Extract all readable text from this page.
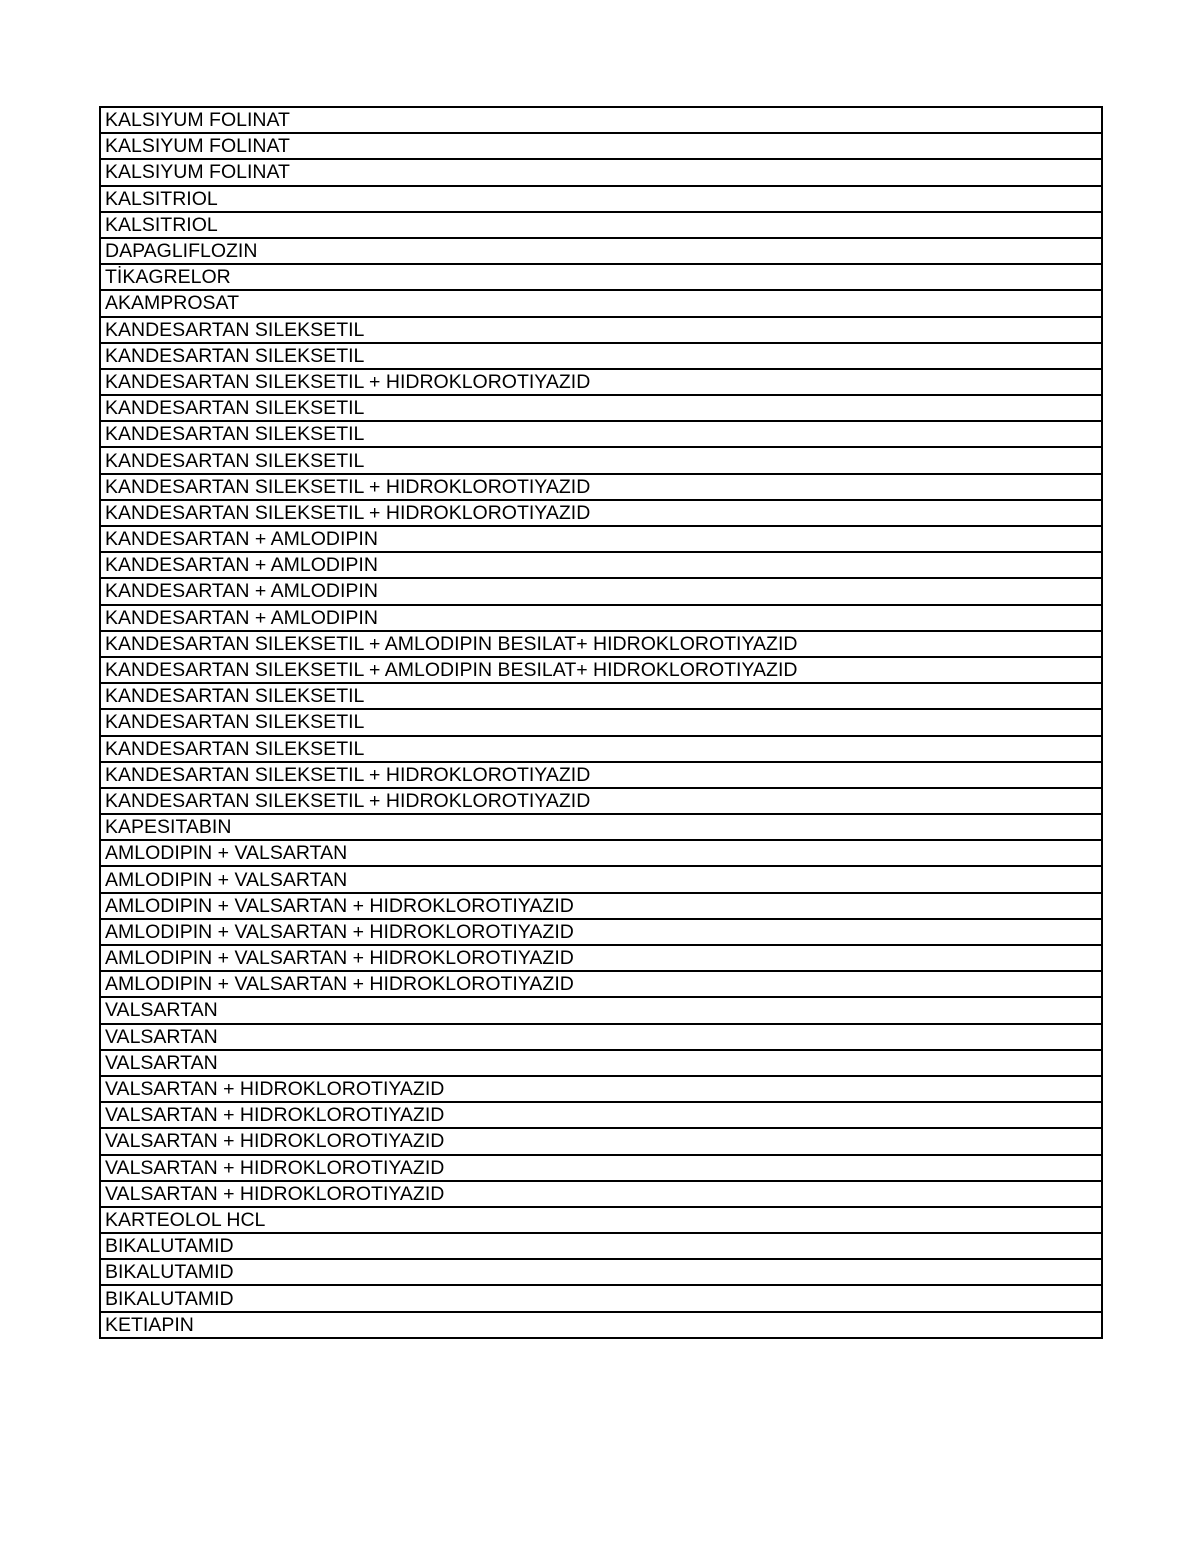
KALSIYUM FOLINAT
KALSIYUM FOLINAT
KALSIYUM FOLINAT
KALSITRIOL
KALSITRIOL
DAPAGLIFLOZIN
TİKAGRELOR
AKAMPROSAT
KANDESARTAN SILEKSETIL
KANDESARTAN SILEKSETIL
KANDESARTAN SILEKSETIL + HIDROKLOROTIYAZID
KANDESARTAN SILEKSETIL
KANDESARTAN SILEKSETIL
KANDESARTAN SILEKSETIL
KANDESARTAN SILEKSETIL + HIDROKLOROTIYAZID
KANDESARTAN SILEKSETIL + HIDROKLOROTIYAZID
KANDESARTAN + AMLODIPIN
KANDESARTAN + AMLODIPIN
KANDESARTAN + AMLODIPIN
KANDESARTAN + AMLODIPIN
KANDESARTAN SILEKSETIL + AMLODIPIN BESILAT+ HIDROKLOROTIYAZID
KANDESARTAN SILEKSETIL + AMLODIPIN BESILAT+ HIDROKLOROTIYAZID
KANDESARTAN SILEKSETIL
KANDESARTAN SILEKSETIL
KANDESARTAN SILEKSETIL
KANDESARTAN SILEKSETIL + HIDROKLOROTIYAZID
KANDESARTAN SILEKSETIL + HIDROKLOROTIYAZID
KAPESITABIN
AMLODIPIN + VALSARTAN
AMLODIPIN + VALSARTAN
AMLODIPIN + VALSARTAN + HIDROKLOROTIYAZID
AMLODIPIN + VALSARTAN + HIDROKLOROTIYAZID
AMLODIPIN + VALSARTAN + HIDROKLOROTIYAZID
AMLODIPIN + VALSARTAN + HIDROKLOROTIYAZID
VALSARTAN
VALSARTAN
VALSARTAN
VALSARTAN + HIDROKLOROTIYAZID
VALSARTAN + HIDROKLOROTIYAZID
VALSARTAN + HIDROKLOROTIYAZID
VALSARTAN + HIDROKLOROTIYAZID
VALSARTAN + HIDROKLOROTIYAZID
KARTEOLOL HCL
BIKALUTAMID
BIKALUTAMID
BIKALUTAMID
KETIAPIN
